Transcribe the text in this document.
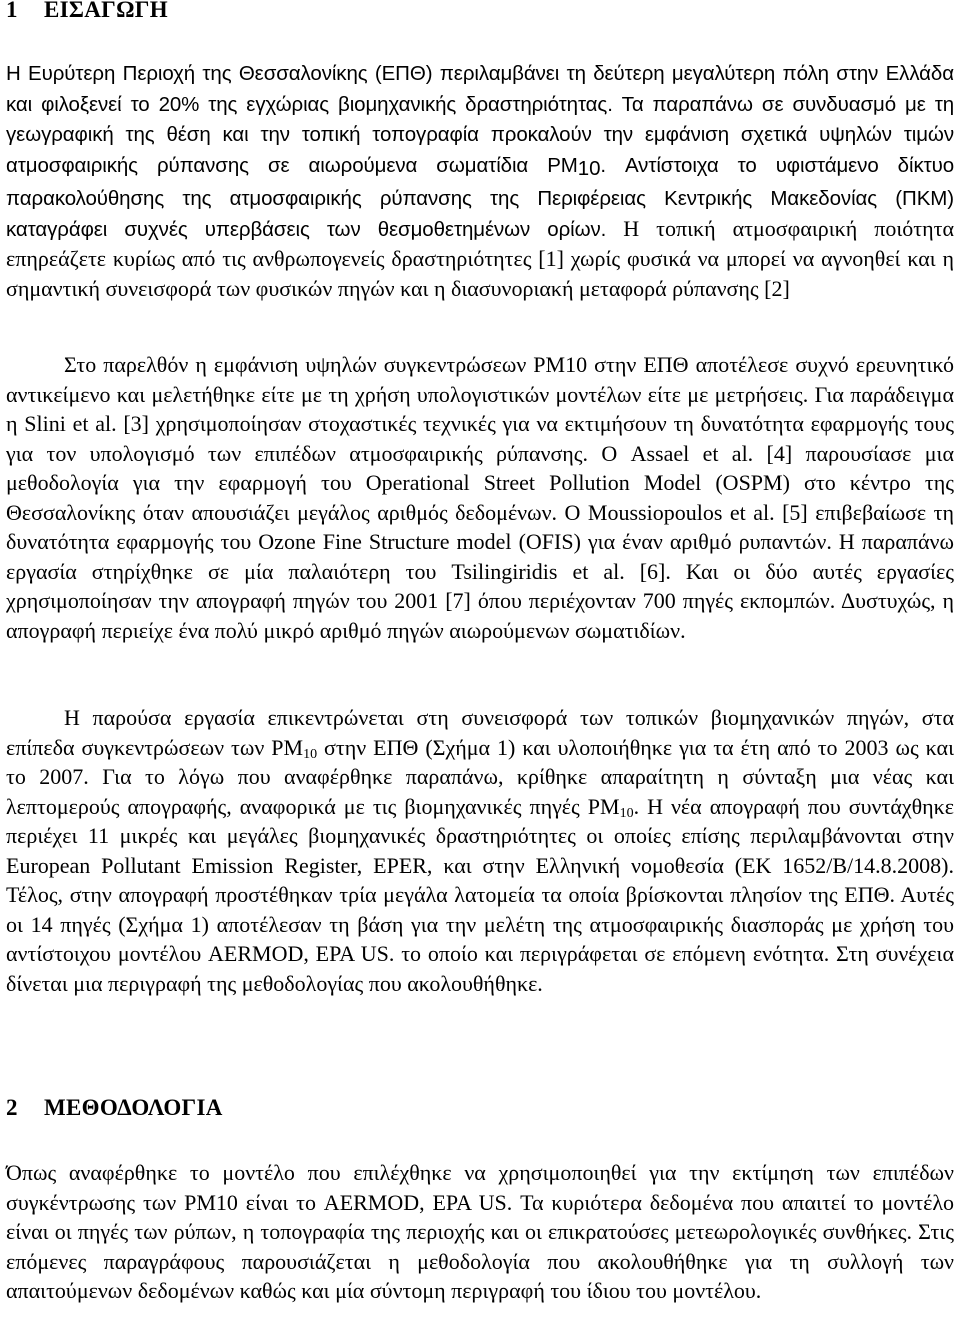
1 ΕΙΣΑΓΩΓΗ

Η Ευρύτερη Περιοχή της Θεσσαλονίκης (ΕΠΘ) περιλαμβάνει τη δεύτερη μεγαλύτερη πόλη στην Ελλάδα και φιλοξενεί το 20% της εγχώριας βιομηχανικής δραστηριότητας. Τα παραπάνω σε συνδυασμό με τη γεωγραφική της θέση και την τοπική τοπογραφία προκαλούν την εμφάνιση σχετικά υψηλών τιμών ατμοσφαιρικής ρύπανσης σε αιωρούμενα σωματίδια $PM_{10}$. Αντίστοιχα το υφιστάμενο δίκτυο παρακολούθησης της ατμοσφαιρικής ρύπανσης της Περιφέρειας Κεντρικής Μακεδονίας (ΠΚΜ) καταγράφει συχνές υπερβάσεις των θεσμοθετημένων ορίων. Η τοπική ατμοσφαιρική ποιότητα επηρεάζετε κυρίως από τις ανθρωπογενείς δραστηριότητες [1] χωρίς φυσικά να μπορεί να αγνοηθεί και η σημαντική συνεισφορά των φυσικών πηγών και η διασυνοριακή μεταφορά ρύπανσης [2]

Στο παρελθόν η εμφάνιση υψηλών συγκεντρώσεων PM10 στην ΕΠΘ αποτέλεσε συχνό ερευνητικό αντικείμενο και μελετήθηκε είτε με τη χρήση υπολογιστικών μοντέλων είτε με μετρήσεις. Για παράδειγμα η Slini et al. [3] χρησιμοποίησαν στοχαστικές τεχνικές για να εκτιμήσουν τη δυνατότητα εφαρμογής τους για τον υπολογισμό των επιπέδων ατμοσφαιρικής ρύπανσης. Ο Assael et al. [4] παρουσίασε μια μεθοδολογία για την εφαρμογή του Operational Street Pollution Model (OSPM) στο κέντρο της Θεσσαλονίκης όταν απουσιάζει μεγάλος αριθμός δεδομένων. Ο Moussiopoulos et al. [5] επιβεβαίωσε τη δυνατότητα εφαρμογής του Ozone Fine Structure model (OFIS) για έναν αριθμό ρυπαντών. Η παραπάνω εργασία στηρίχθηκε σε μία παλαιότερη του Tsilingiridis et al. [6]. Και οι δύο αυτές εργασίες χρησιμοποίησαν την απογραφή πηγών του 2001 [7] όπου περιέχονταν 700 πηγές εκπομπών. Δυστυχώς, η απογραφή περιείχε ένα πολύ μικρό αριθμό πηγών αιωρούμενων σωματιδίων.

Η παρούσα εργασία επικεντρώνεται στη συνεισφορά των τοπικών βιομηχανικών πηγών, στα επίπεδα συγκεντρώσεων των $PM_{10}$ στην ΕΠΘ (Σχήμα 1) και υλοποιήθηκε για τα έτη από το 2003 ως και το 2007. Για το λόγω που αναφέρθηκε παραπάνω, κρίθηκε απαραίτητη η σύνταξη μια νέας και λεπτομερούς απογραφής, αναφορικά με τις βιομηχανικές πηγές $PM_{10}$. Η νέα απογραφή που συντάχθηκε περιέχει 11 μικρές και μεγάλες βιομηχανικές δραστηριότητες οι οποίες επίσης περιλαμβάνονται στην European Pollutant Emission Register, EPER, και στην Ελληνική νομοθεσία (ΕΚ 1652/Β/14.8.2008). Τέλος, στην απογραφή προστέθηκαν τρία μεγάλα λατομεία τα οποία βρίσκονται πλησίον της ΕΠΘ. Αυτές οι 14 πηγές (Σχήμα 1) αποτέλεσαν τη βάση για την μελέτη της ατμοσφαιρικής διασποράς με χρήση του αντίστοιχου μοντέλου AERMOD, EPA US. το οποίο και περιγράφεται σε επόμενη ενότητα. Στη συνέχεια δίνεται μια περιγραφή της μεθοδολογίας που ακολουθήθηκε.

2 ΜΕΘΟΔΟΛΟΓΙΑ

Όπως αναφέρθηκε το μοντέλο που επιλέχθηκε να χρησιμοποιηθεί για την εκτίμηση των επιπέδων συγκέντρωσης των PM10 είναι το AERMOD, EPA US. Τα κυριότερα δεδομένα που απαιτεί το μοντέλο είναι οι πηγές των ρύπων, η τοπογραφία της περιοχής και οι επικρατούσες μετεωρολογικές συνθήκες. Στις επόμενες παραγράφους παρουσιάζεται η μεθοδολογία που ακολουθήθηκε για τη συλλογή των απαιτούμενων δεδομένων καθώς και μία σύντομη περιγραφή του ίδιου του μοντέλου.
